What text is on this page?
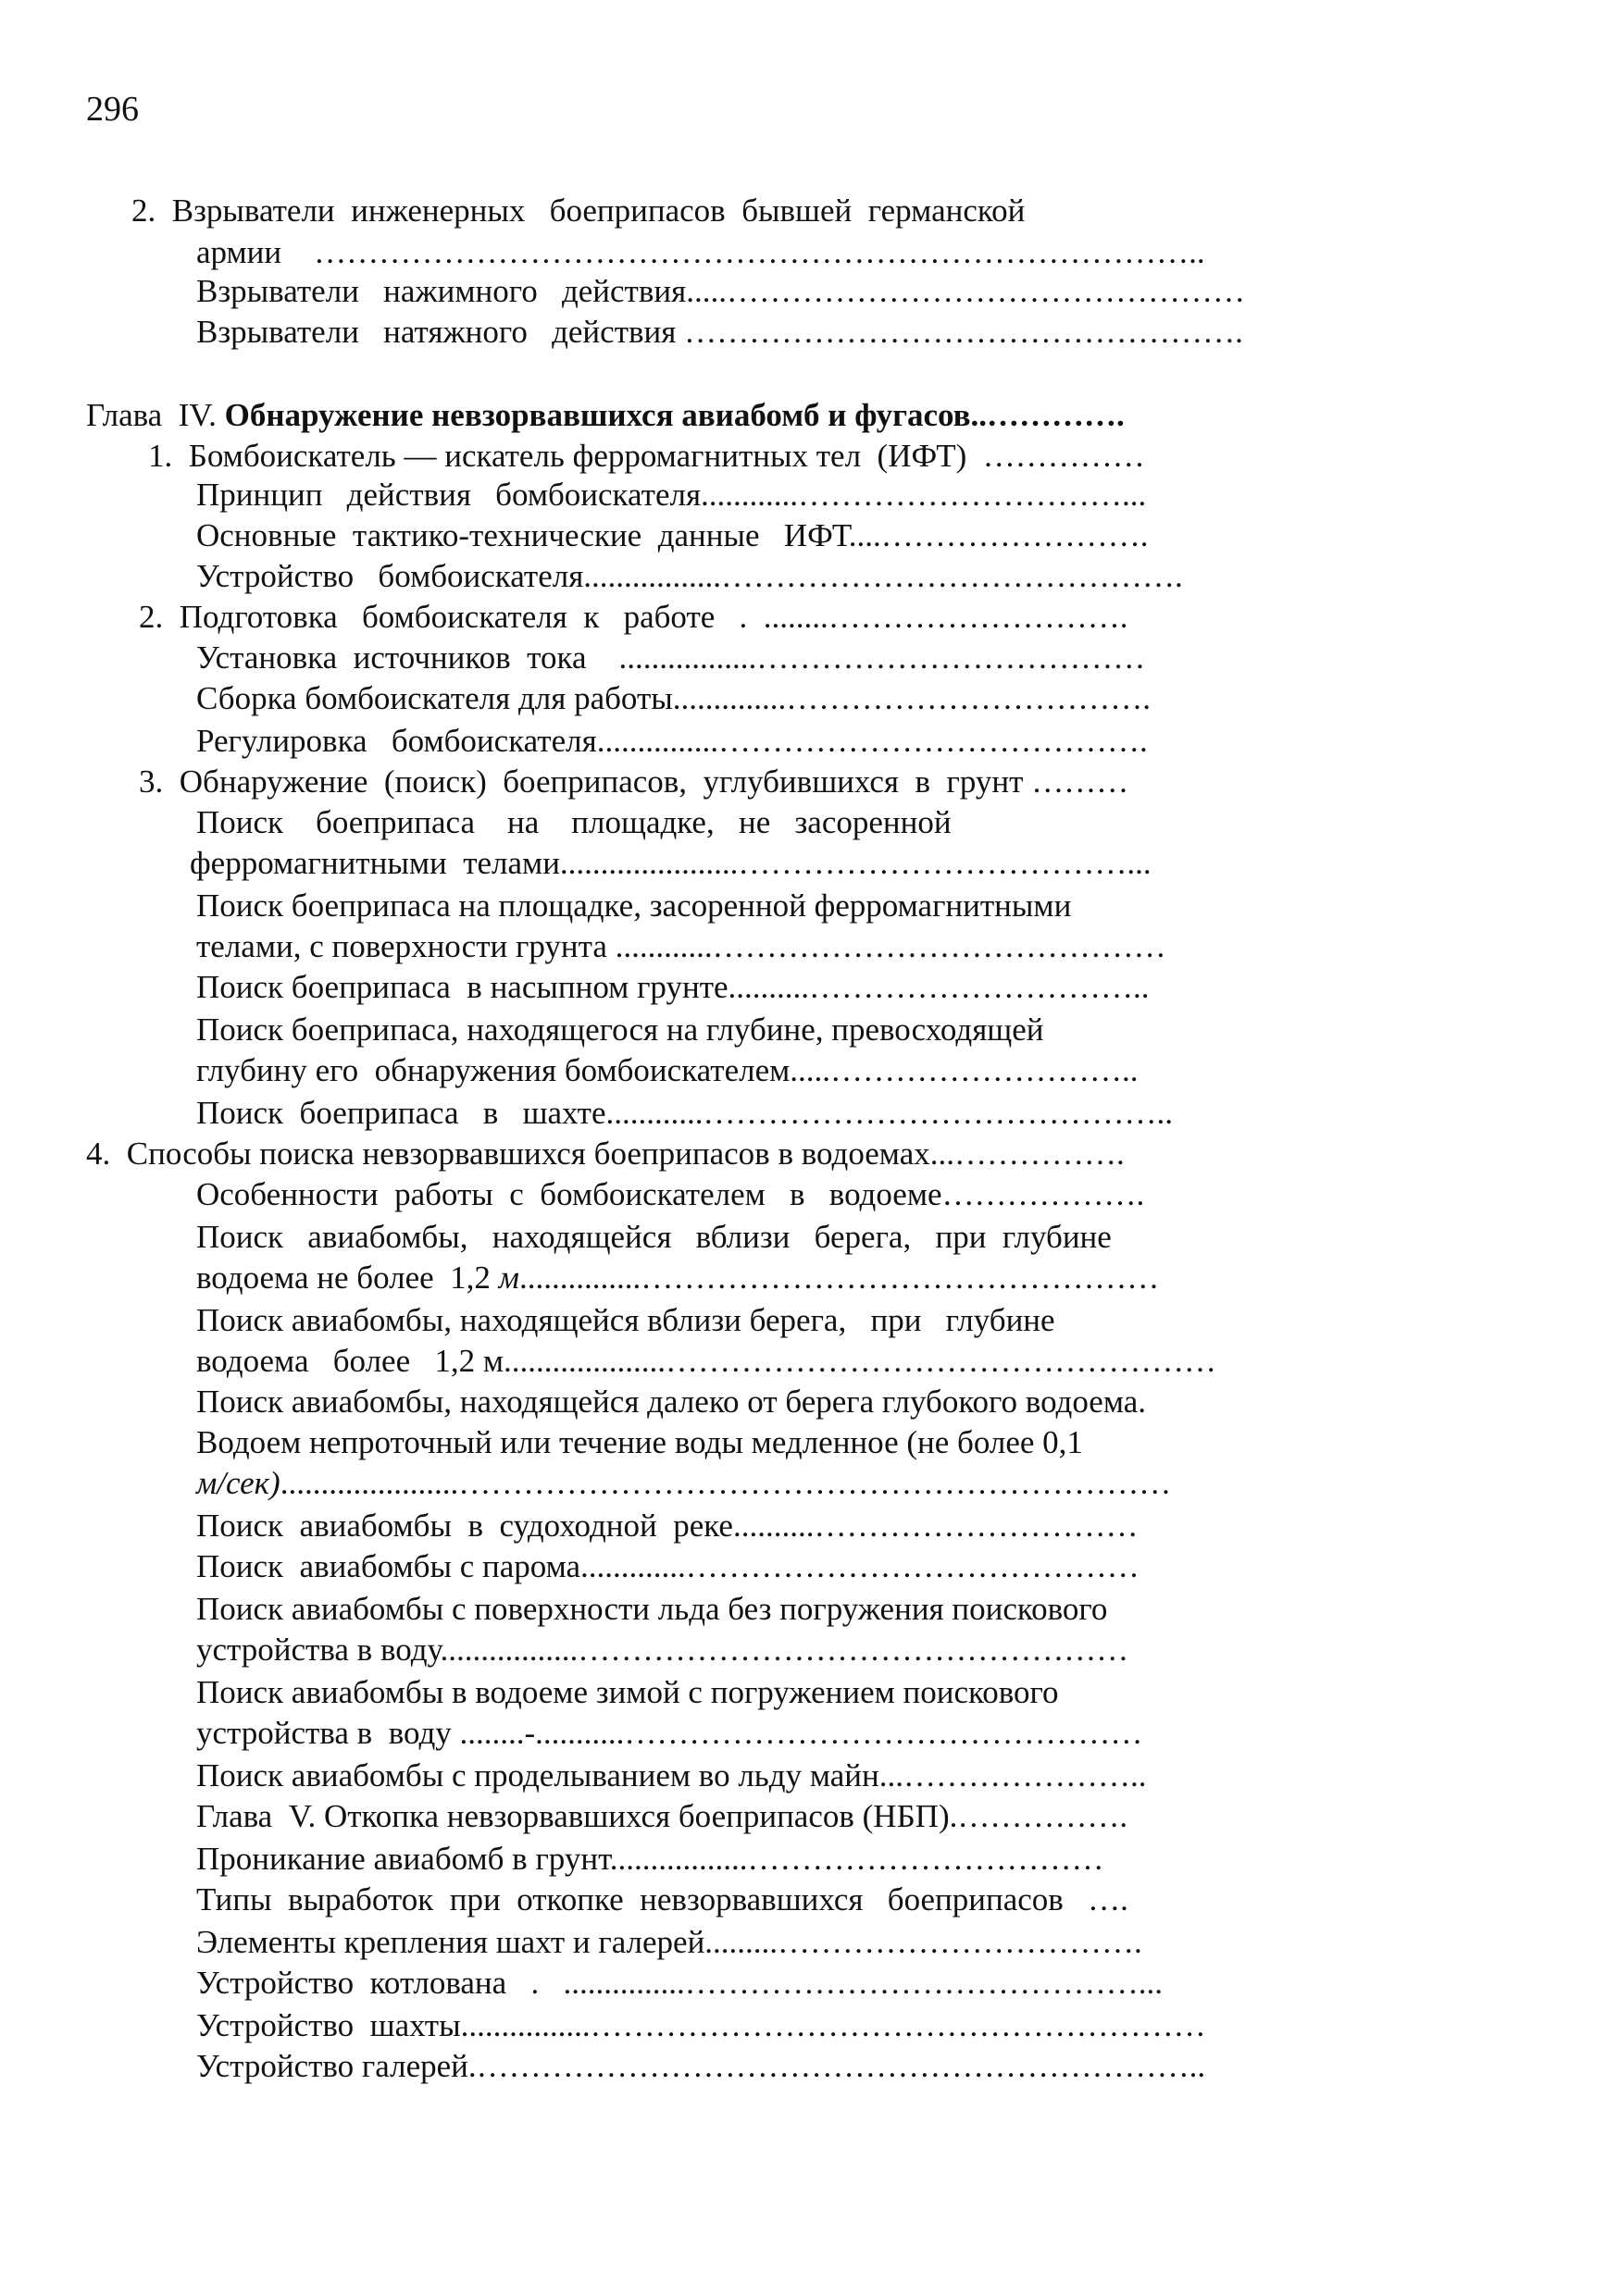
296
2.  Взрыватели  инженерных   боеприпасов  бывшей  германской
армии    ………………………………………………………………………..
Взрыватели   нажимного   действия.....…………………………………………
Взрыватели   натяжного   действия …………………………………………….
Глава  IV. Обнаружение невзорвавшихся авиабомб и фугасов..………….
1.  Бомбоискатель — искатель ферромагнитных тел  (ИФТ)  ……………
Принцип   действия   бомбоискателя............…………………………...
Основные  тактико-технические  данные   ИФТ....…………………….
Устройство   бомбоискателя.................…………………………………….
2.  Подготовка   бомбоискателя  к   работе   .  ........……………………….
Установка  источников  тока    .................………………………………
Сборка бомбоискателя для работы..............…………………………….
Регулировка   бомбоискателя...............………………………………….
3.  Обнаружение  (поиск)  боеприпасов,  углубившихся  в  грунт ………
Поиск    боеприпаса    на    площадке,   не   засоренной
ферромагнитными  телами......................………………………………...
Поиск боеприпаса на площадке, засоренной ферромагнитными
телами, с поверхности грунта ............……………………………………
Поиск боеприпаса  в насыпном грунте..........…………………………..
Поиск боеприпаса, находящегося на глубине, превосходящей
глубину его  обнаружения бомбоискателем.....………………………..
Поиск  боеприпаса   в   шахте............……………………………………..
4.  Способы поиска невзорвавшихся боеприпасов в водоемах...…………….
Особенности  работы  с  бомбоискателем   в   водоеме……………….
Поиск   авиабомбы,   находящейся   вблизи   берега,   при  глубине
водоема не более  1,2 м...............…………………………………………
Поиск авиабомбы, находящейся вблизи берега,   при   глубине
водоема   более   1,2 м....................……………………………………………
Поиск авиабомбы, находящейся далеко от берега глубокого водоема.
Водоем непроточный или течение воды медленное (не более 0,1
м/сек)......................…………………………………………………………
Поиск  авиабомбы  в  судоходной  реке..........…………………………
Поиск  авиабомбы с парома.............……………………………………
Поиск авиабомбы с поверхности льда без погружения поискового
устройства в воду.................……………………………………………
Поиск авиабомбы в водоеме зимой с погружением поискового
устройства в  воду ........-...........…………………………………………
Поиск авиабомбы с проделыванием во льду майн...…………………..
Глава  V. Откопка невзорвавшихся боеприпасов (НБП).…………….
Проникание авиабомб в грунт.................……………………………
Типы  выработок  при  откопке  невзорвавшихся   боеприпасов   ….
Элементы крепления шахт и галерей.........…………………………….
Устройство  котлована   .   ...............……………………………………...
Устройство  шахты................…………………………………………………
Устройство галерей.…………………………………………………………..
